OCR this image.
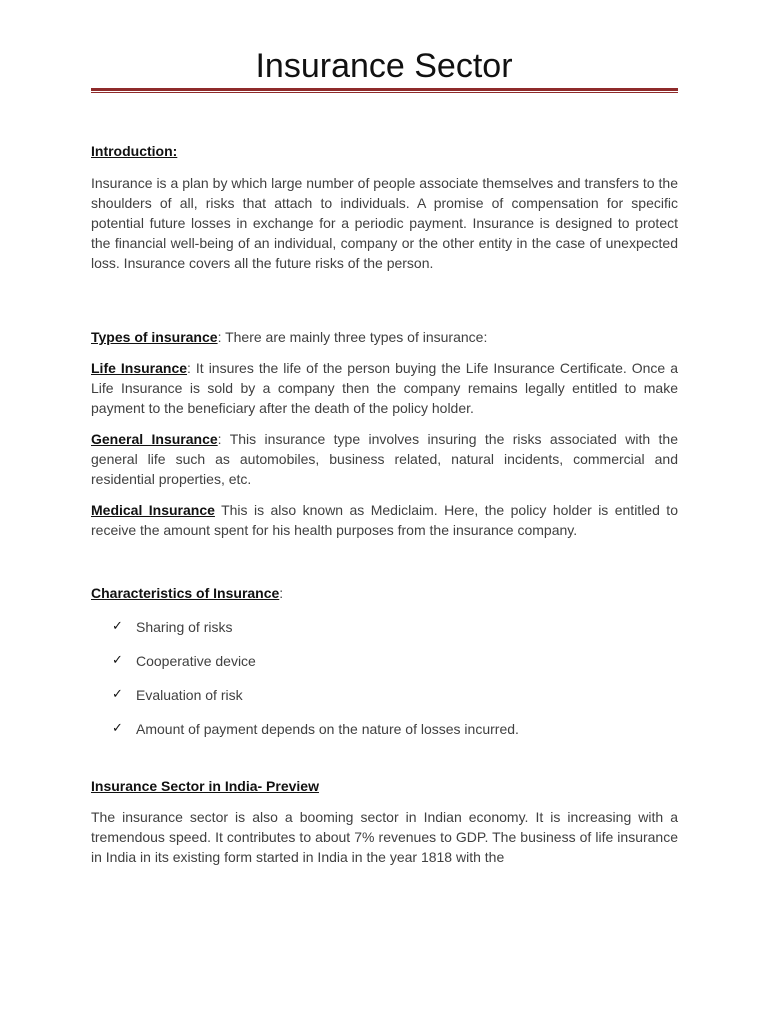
Insurance Sector

Introduction:

Insurance is a plan by which large number of people associate themselves and transfers to the shoulders of all, risks that attach to individuals. A promise of compensation for specific potential future losses in exchange for a periodic payment. Insurance is designed to protect the financial well-being of an individual, company or the other entity in the case of unexpected loss. Insurance covers all the future risks of the person.

Types of insurance: There are mainly three types of insurance:

Life Insurance: It insures the life of the person buying the Life Insurance Certificate. Once a Life Insurance is sold by a company then the company remains legally entitled to make payment to the beneficiary after the death of the policy holder.

General Insurance: This insurance type involves insuring the risks associated with the general life such as automobiles, business related, natural incidents, commercial and residential properties, etc.

Medical Insurance This is also known as Mediclaim. Here, the policy holder is entitled to receive the amount spent for his health purposes from the insurance company.

Characteristics of Insurance:

✓ Sharing of risks
✓ Cooperative device
✓ Evaluation of risk
✓ Amount of payment depends on the nature of losses incurred.

Insurance Sector in India- Preview

The insurance sector is also a booming sector in Indian economy. It is increasing with a tremendous speed. It contributes to about 7% revenues to GDP. The business of life insurance in India in its existing form started in India in the year 1818 with the
